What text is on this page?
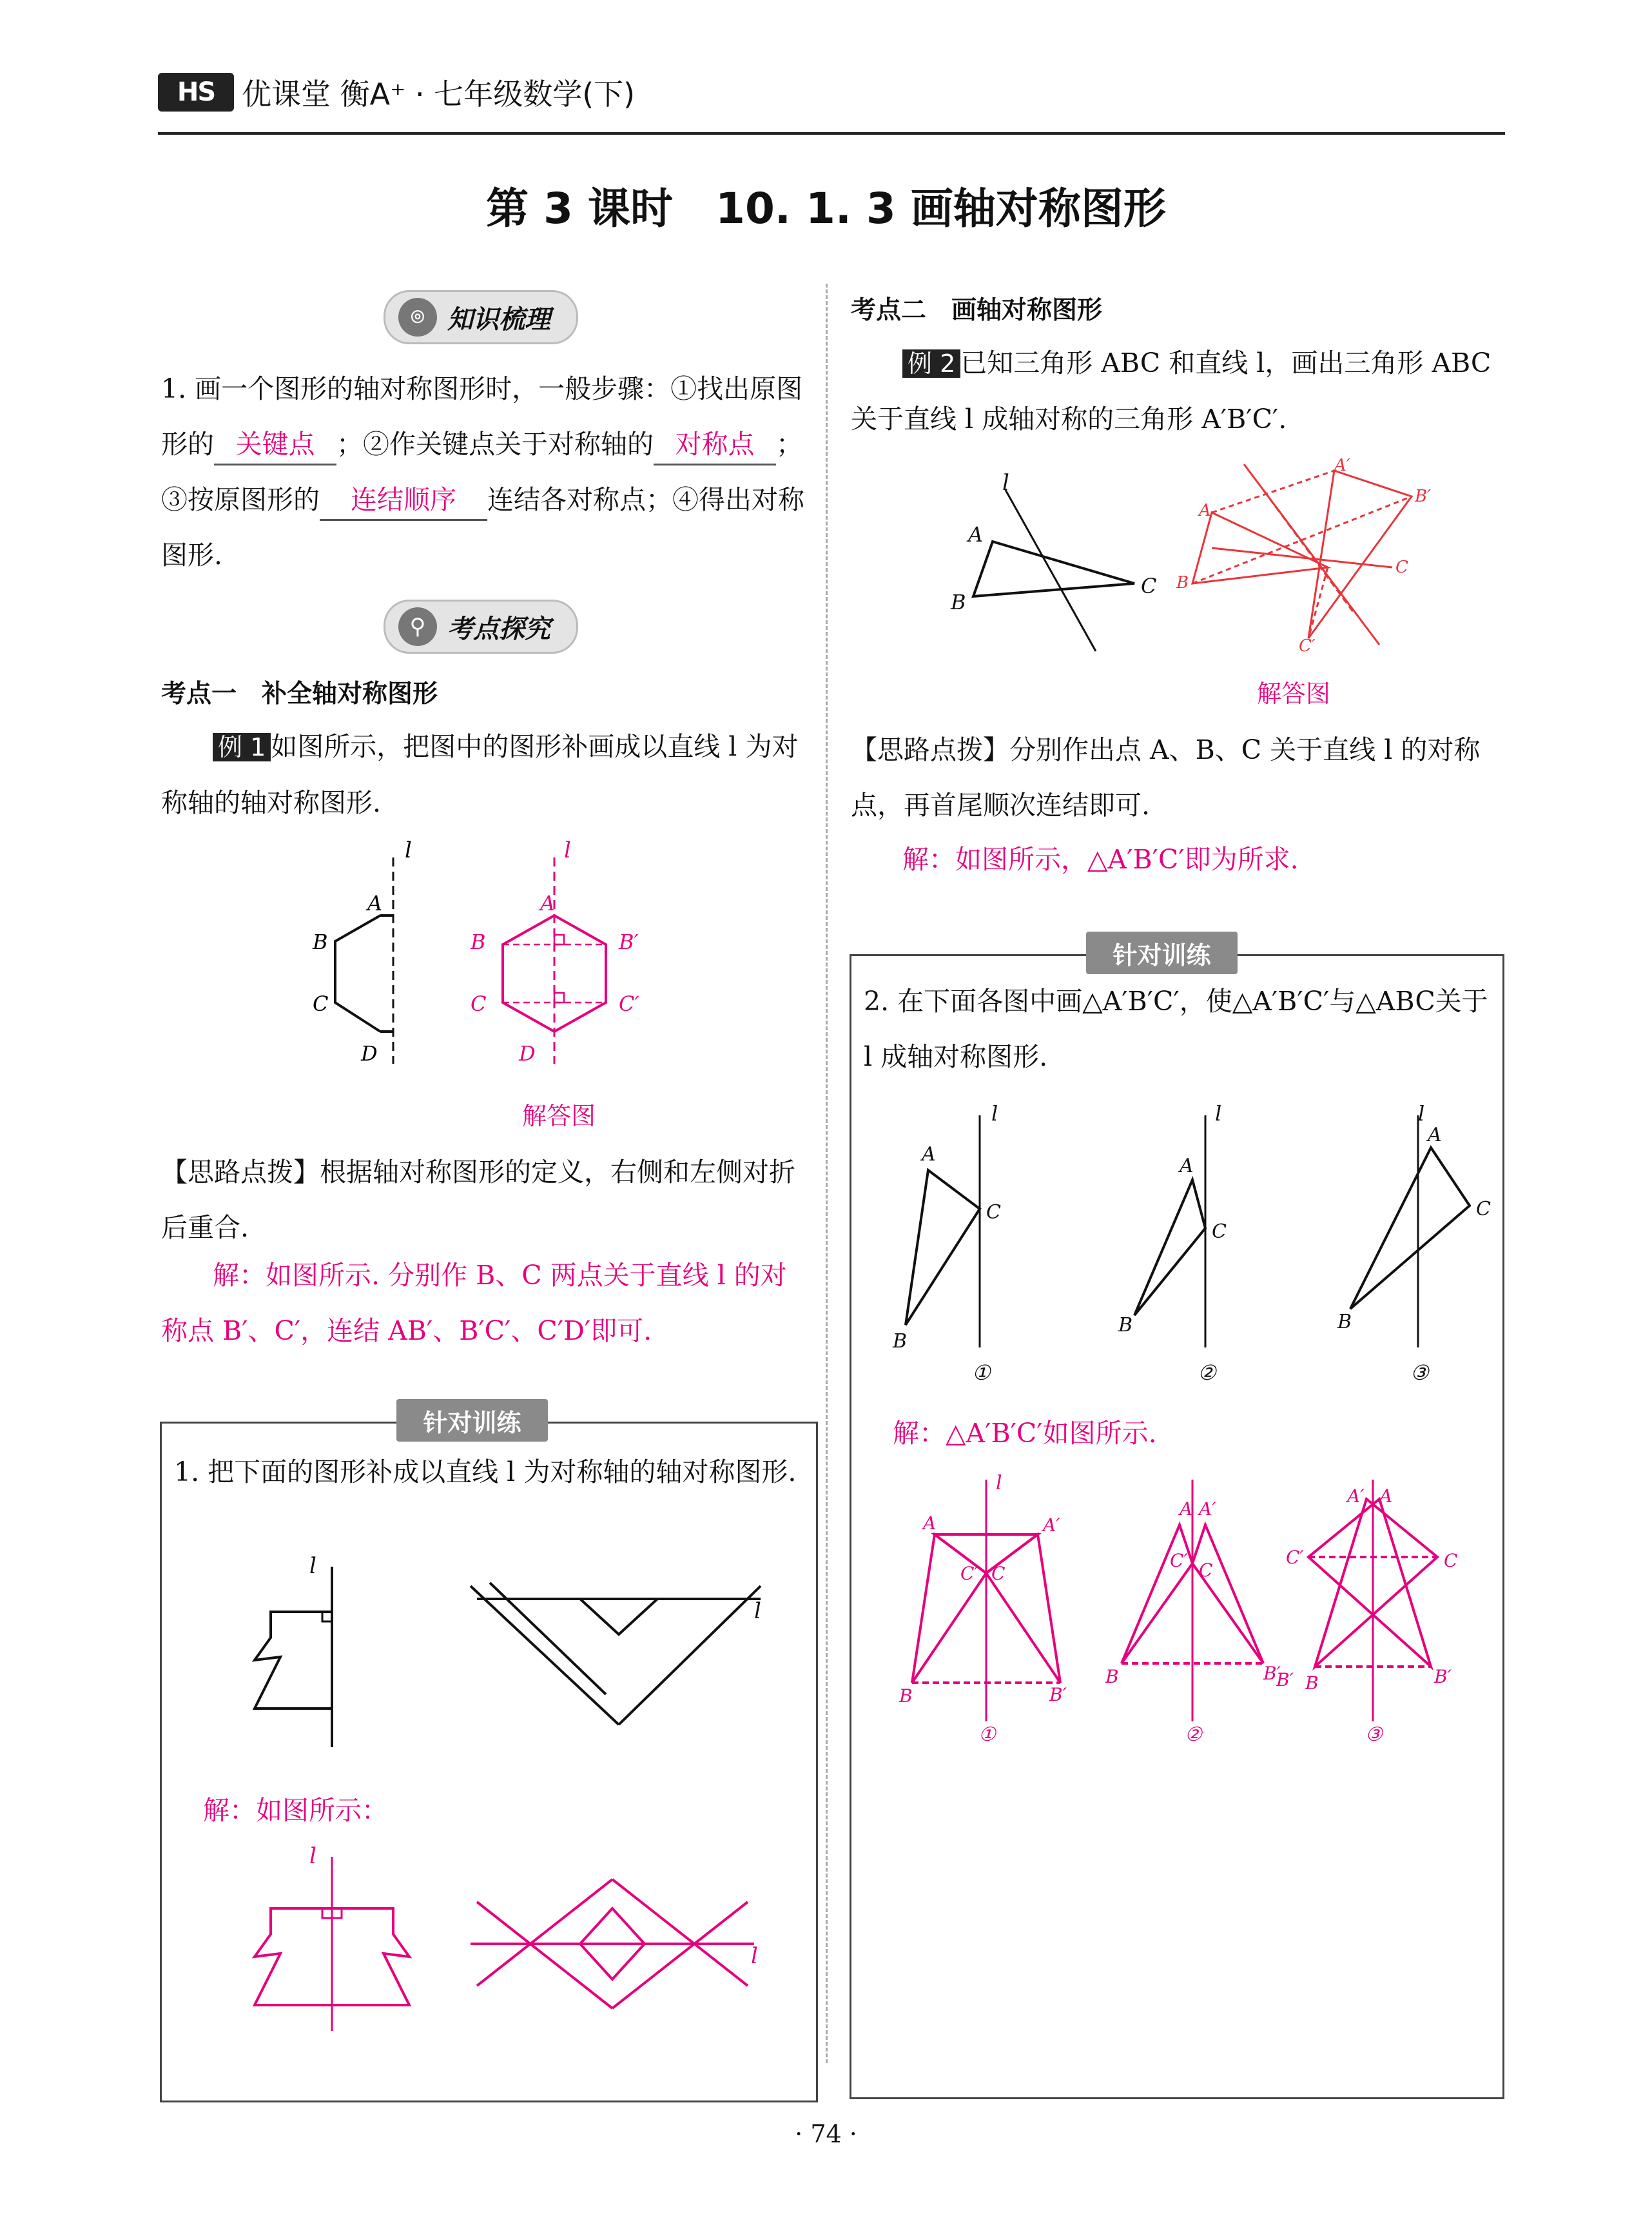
HS 优课堂 衡A⁺ · 七年级数学(下)
第 3 课时　10. 1. 3 画轴对称图形
⌾ 知识梳理
1. 画一个图形的轴对称图形时，一般步骤：①找出原图形的 关键点 ；②作关键点关于对称轴的 对称点 ；③按原图形的 连结顺序 连结各对称点；④得出对称图形.
⚲ 考点探究
考点一　补全轴对称图形
例 1 如图所示，把图中的图形补画成以直线 l 为对称轴的轴对称图形.
l
A
B
C
D
l
A
B	B′
C	C′
D
解答图
【思路点拨】根据轴对称图形的定义，右侧和左侧对折后重合.
解：如图所示. 分别作 B、C 两点关于直线 l 的对称点 B′、C′，连结 AB′、B′C′、C′D′即可.
针对训练
1. 把下面的图形补成以直线 l 为对称轴的轴对称图形.
l
l
解：如图所示：
l
l
考点二　画轴对称图形
例 2 已知三角形 ABC 和直线 l，画出三角形 ABC 关于直线 l 成轴对称的三角形 A′B′C′.
l
A
B
C
A
A′
B′
B
C
C′
解答图
【思路点拨】分别作出点 A、B、C 关于直线 l 的对称点，再首尾顺次连结即可.
解：如图所示，△A′B′C′即为所求.
针对训练
2. 在下面各图中画△A′B′C′，使△A′B′C′与△ABC关于 l 成轴对称图形.
l
A
C
B
①
l
A
C
B
②
l
A
C
B
③
解：△A′B′C′如图所示.
l
A	A′
C′ C
B	B′
①
A A′
C′ C
B	B′
②
A′ A
C′	C
B′ B	B′
③
· 74 ·
